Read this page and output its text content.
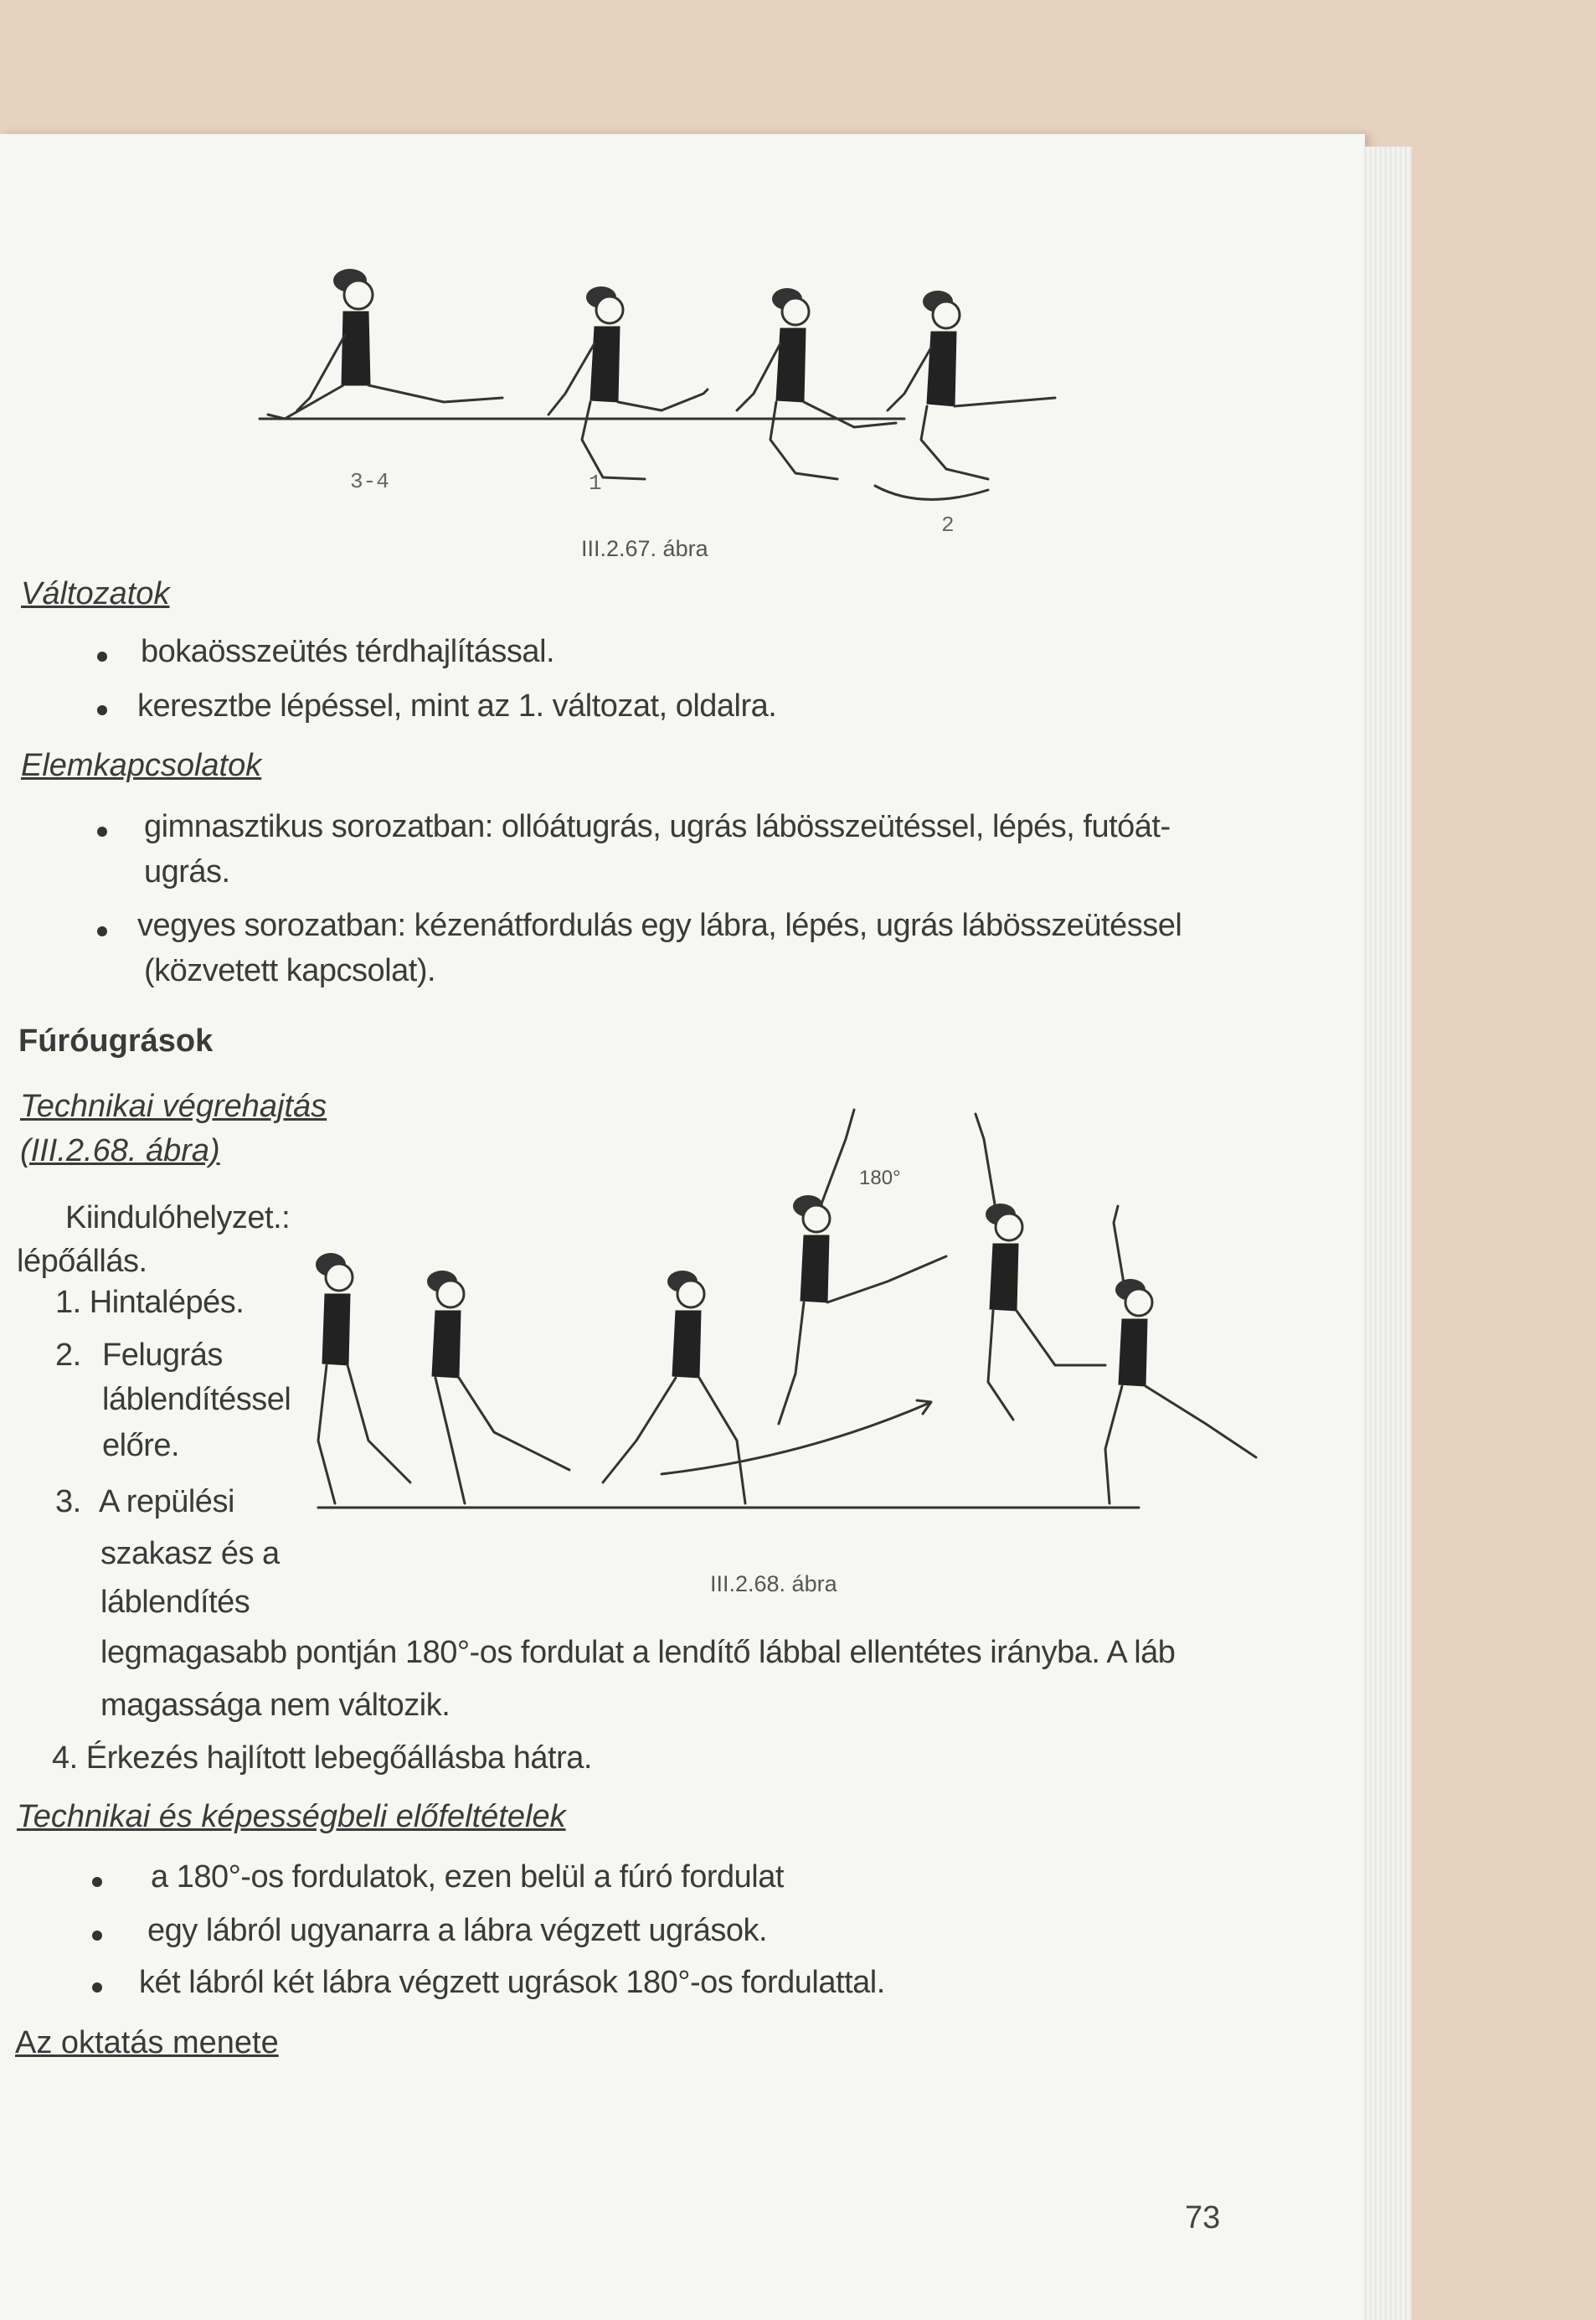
3-4	1
2
III.2.67. ábra
Változatok
bokaösszeütés térdhajlítással.
keresztbe lépéssel, mint az 1. változat, oldalra.
Elemkapcsolatok
gimnasztikus sorozatban: ollóátugrás, ugrás lábösszeütéssel, lépés, futóát-
ugrás.
vegyes sorozatban: kézenátfordulás egy lábra, lépés, ugrás lábösszeütéssel
(közvetett kapcsolat).
Fúróugrások
Technikai végrehajtás
(III.2.68. ábra)
Kiindulóhelyzet.:
lépőállás.
1. Hintalépés.
2. Felugrás
láblendítéssel
előre.
3. A repülési
szakasz és a
láblendítés
legmagasabb pontján 180°-os fordulat a lendítő lábbal ellentétes irányba. A láb
magassága nem változik.
4. Érkezés hajlított lebegőállásba hátra.
180°
III.2.68. ábra
Technikai és képességbeli előfeltételek
a 180°-os fordulatok, ezen belül a fúró fordulat
egy lábról ugyanarra a lábra végzett ugrások.
két lábról két lábra végzett ugrások 180°-os fordulattal.
Az oktatás menete
73
